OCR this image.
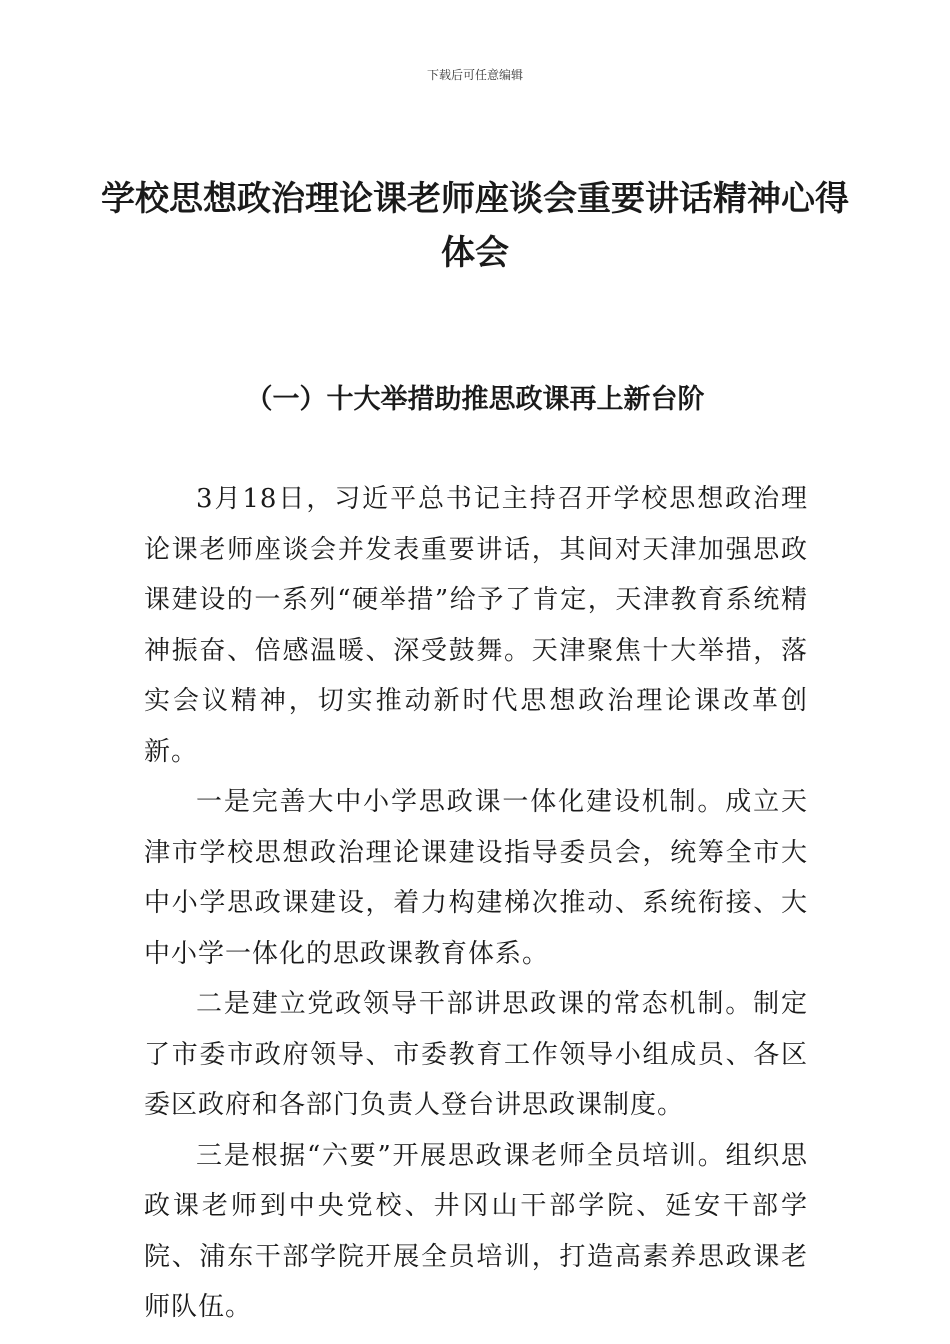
下载后可任意编辑
学校思想政治理论课老师座谈会重要讲话精神心得体会
（一）十大举措助推思政课再上新台阶

3月18日，习近平总书记主持召开学校思想政治理论课老师座谈会并发表重要讲话，其间对天津加强思政课建设的一系列“硬举措”给予了肯定，天津教育系统精神振奋、倍感温暖、深受鼓舞。天津聚焦十大举措，落实会议精神，切实推动新时代思想政治理论课改革创新。

一是完善大中小学思政课一体化建设机制。成立天津市学校思想政治理论课建设指导委员会，统筹全市大中小学思政课建设，着力构建梯次推动、系统衔接、大中小学一体化的思政课教育体系。

二是建立党政领导干部讲思政课的常态机制。制定了市委市政府领导、市委教育工作领导小组成员、各区委区政府和各部门负责人登台讲思政课制度。

三是根据“六要”开展思政课老师全员培训。组织思政课老师到中央党校、井冈山干部学院、延安干部学院、浦东干部学院开展全员培训，打造高素养思政课老师队伍。
